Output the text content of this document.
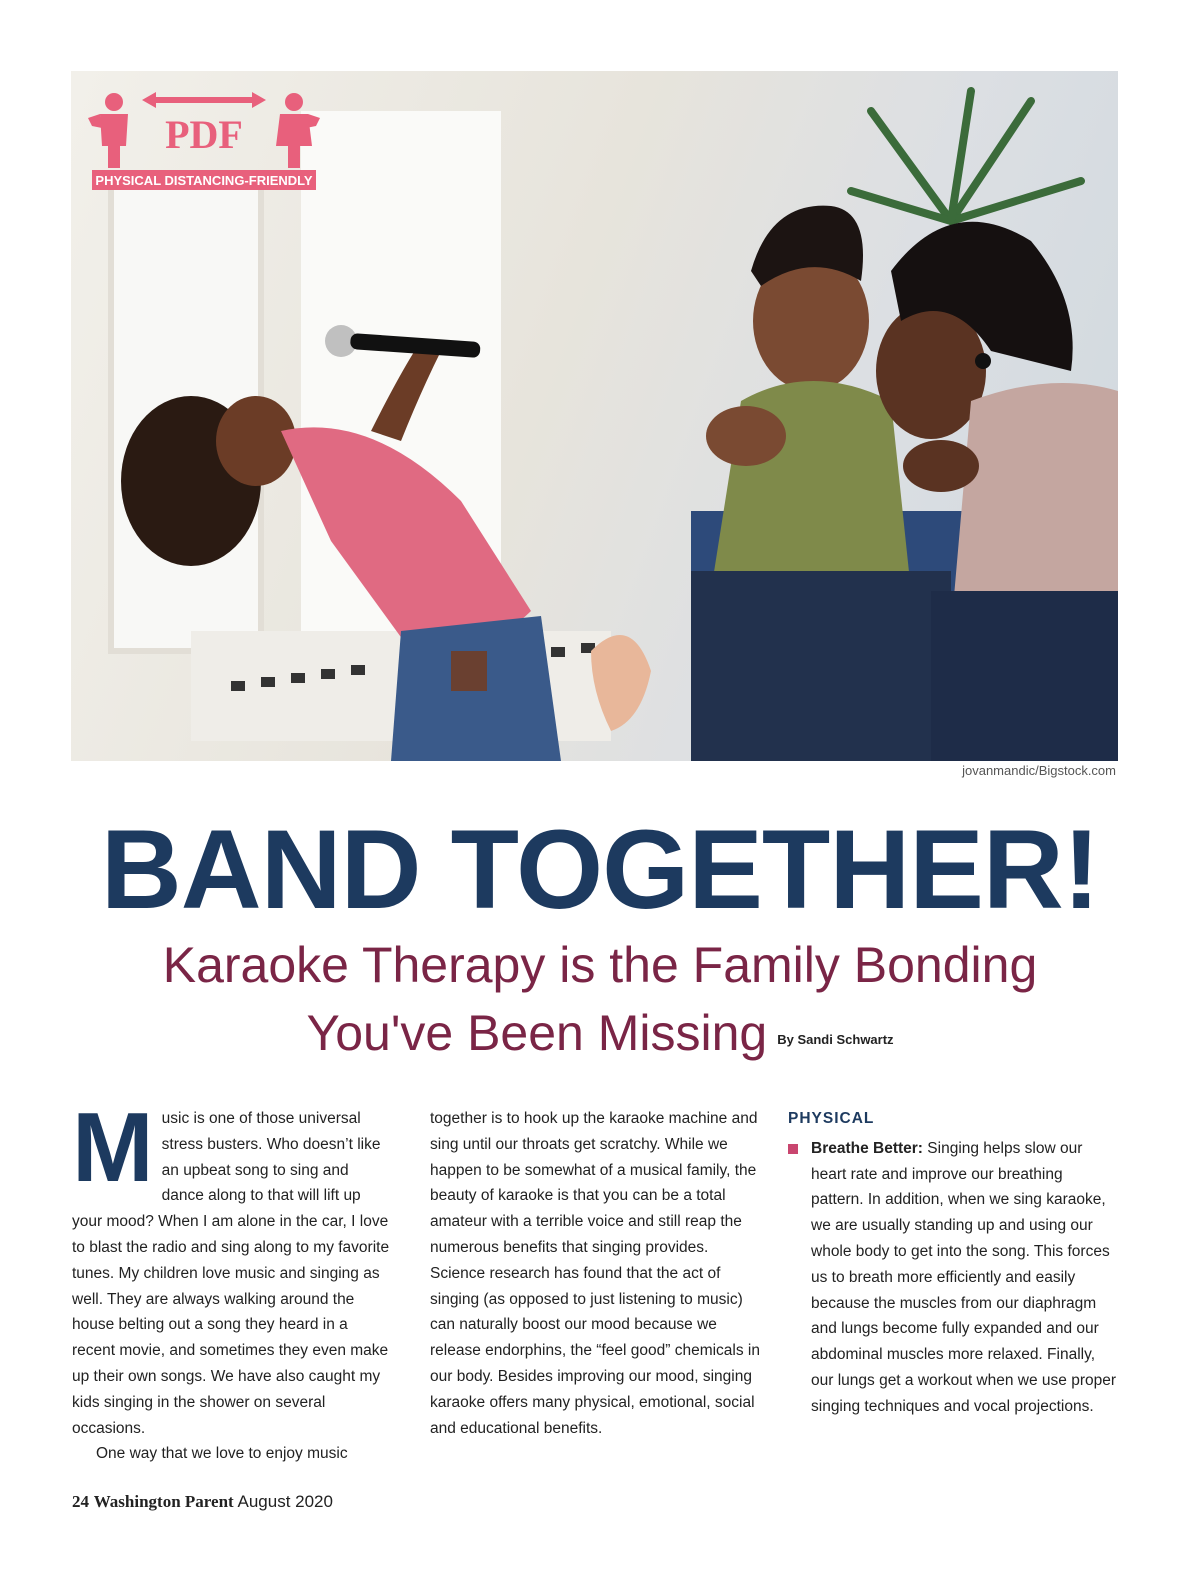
PDF
PHYSICAL DISTANCING-FRIENDLY
jovanmandic/Bigstock.com
BAND TOGETHER!
Karaoke Therapy is the Family Bonding
You've Been Missing $^{By Sandi Schwartz}$

Music is one of those universal stress busters. Who doesn’t like an upbeat song to sing and dance along to that will lift up your mood? When I am alone in the car, I love to blast the radio and sing along to my favorite tunes. My children love music and singing as well. They are always walking around the house belting out a song they heard in a recent movie, and sometimes they even make up their own songs. We have also caught my kids singing in the shower on several occasions.

One way that we love to enjoy music

together is to hook up the karaoke machine and sing until our throats get scratchy. While we happen to be somewhat of a musical family, the beauty of karaoke is that you can be a total amateur with a terrible voice and still reap the numerous benefits that singing provides. Science research has found that the act of singing (as opposed to just listening to music) can naturally boost our mood because we release endorphins, the “feel good” chemicals in our body. Besides improving our mood, singing karaoke offers many physical, emotional, social and educational benefits.

PHYSICAL
Breathe Better: Singing helps slow our heart rate and improve our breathing pattern. In addition, when we sing karaoke, we are usually standing up and using our whole body to get into the song. This forces us to breath more efficiently and easily because the muscles from our diaphragm and lungs become fully expanded and our abdominal muscles more relaxed. Finally, our lungs get a workout when we use proper singing techniques and vocal projections.
24 Washington Parent August 2020
